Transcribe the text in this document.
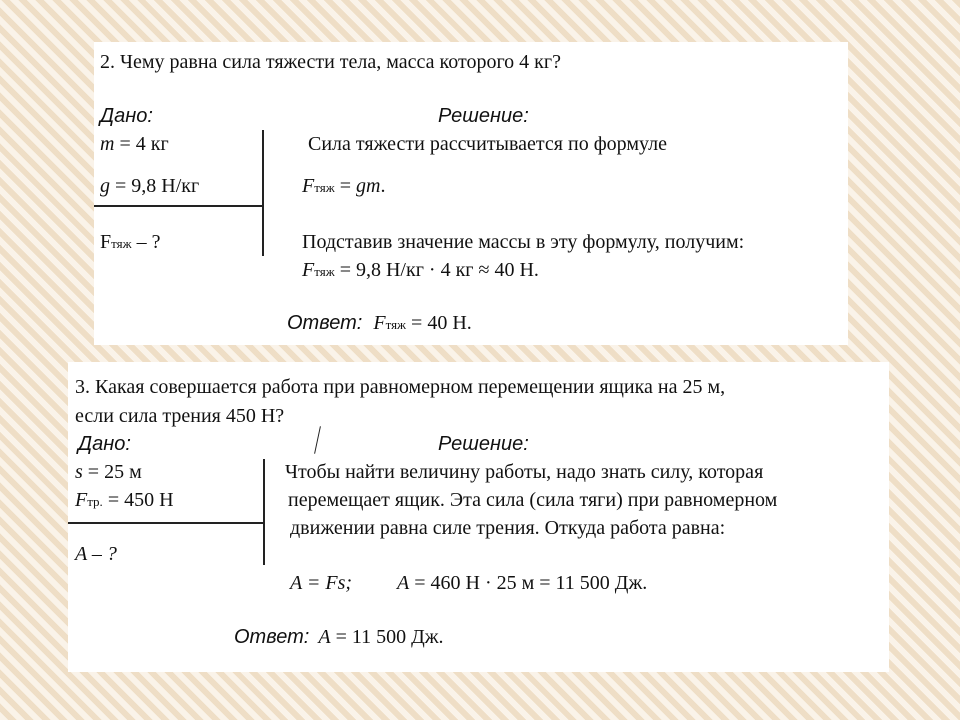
2. Чему равна сила тяжести тела, масса которого 4 кг?
Дано:	Решение:
m = 4 кг
g = 9,8 Н/кг
Fтяж – ?
Сила тяжести рассчитывается по формуле
Fтяж = gm.
Подставив значение массы в эту формулу, получим:
Fтяж = 9,8 Н/кг · 4 кг ≈ 40 Н.
Ответ: Fтяж = 40 Н.
3. Какая совершается работа при равномерном перемещении ящика на 25 м,
если сила трения 450 Н?
Дано:	Решение:
s = 25 м
Fтр. = 450 Н
A – ?
Чтобы найти величину работы, надо знать силу, которая
перемещает ящик. Эта сила (сила тяги) при равномерном
движении равна силе трения. Откуда работа равна:
A = Fs; A = 460 Н · 25 м = 11 500 Дж.
Ответ: A = 11 500 Дж.
